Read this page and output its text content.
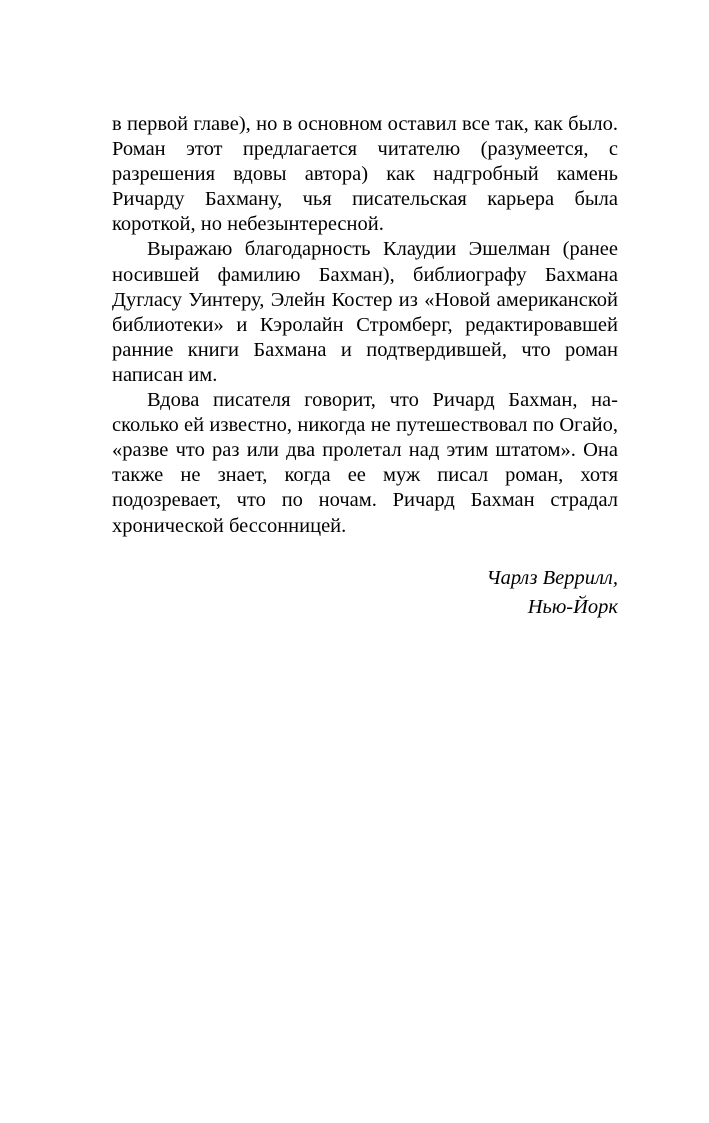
в первой главе), но в основном оставил все так, как было. Роман этот предлагается читателю (разумеется, с разрешения вдовы автора) как надгробный камень Ричарду Бахману, чья писательская карьера была короткой, но небезынтересной.

Выражаю благодарность Клаудии Эшелман (ранее носившей фамилию Бахман), библиографу Бахмана Дугласу Уинтеру, Элейн Костер из «Новой американской библиотеки» и Кэролайн Стромберг, редактировавшей ранние книги Бахмана и подтвердившей, что роман написан им.

Вдова писателя говорит, что Ричард Бахман, насколько ей известно, никогда не путешествовал по Огайо, «разве что раз или два пролетал над этим штатом». Она также не знает, когда ее муж писал роман, хотя подозревает, что по ночам. Ричард Бахман страдал хронической бессонницей.

Чарлз Веррилл,
Нью-Йорк
